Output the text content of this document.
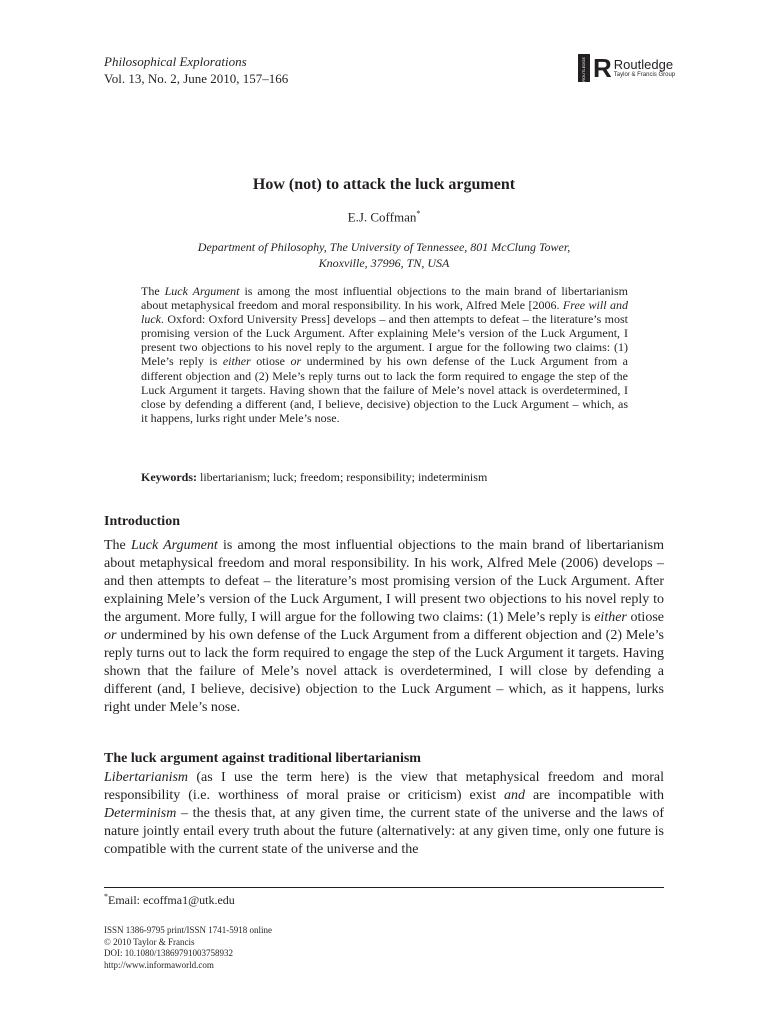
Philosophical Explorations
Vol. 13, No. 2, June 2010, 157–166	ROUTLEDGE R Routledge
Taylor & Francis Group
How (not) to attack the luck argument
E.J. Coffman*
Department of Philosophy, The University of Tennessee, 801 McClung Tower,
Knoxville, 37996, TN, USA
The Luck Argument is among the most influential objections to the main brand of libertarianism about metaphysical freedom and moral responsibility. In his work, Alfred Mele [2006. Free will and luck. Oxford: Oxford University Press] develops – and then attempts to defeat – the literature’s most promising version of the Luck Argument. After explaining Mele’s version of the Luck Argument, I present two objections to his novel reply to the argument. I argue for the following two claims: (1) Mele’s reply is either otiose or undermined by his own defense of the Luck Argument from a different objection and (2) Mele’s reply turns out to lack the form required to engage the step of the Luck Argument it targets. Having shown that the failure of Mele’s novel attack is overdetermined, I close by defending a different (and, I believe, decisive) objection to the Luck Argument – which, as it happens, lurks right under Mele’s nose.
Keywords: libertarianism; luck; freedom; responsibility; indeterminism
Introduction
The Luck Argument is among the most influential objections to the main brand of libertarianism about metaphysical freedom and moral responsibility. In his work, Alfred Mele (2006) develops – and then attempts to defeat – the literature’s most promising version of the Luck Argument. After explaining Mele’s version of the Luck Argument, I will present two objections to his novel reply to the argument. More fully, I will argue for the following two claims: (1) Mele’s reply is either otiose or undermined by his own defense of the Luck Argument from a different objection and (2) Mele’s reply turns out to lack the form required to engage the step of the Luck Argument it targets. Having shown that the failure of Mele’s novel attack is overdetermined, I will close by defending a different (and, I believe, decisive) objection to the Luck Argument – which, as it happens, lurks right under Mele’s nose.
The luck argument against traditional libertarianism
Libertarianism (as I use the term here) is the view that metaphysical freedom and moral responsibility (i.e. worthiness of moral praise or criticism) exist and are incompatible with Determinism – the thesis that, at any given time, the current state of the universe and the laws of nature jointly entail every truth about the future (alternatively: at any given time, only one future is compatible with the current state of the universe and the
*Email: ecoffma1@utk.edu
ISSN 1386-9795 print/ISSN 1741-5918 online
© 2010 Taylor & Francis
DOI: 10.1080/13869791003758932
http://www.informaworld.com
